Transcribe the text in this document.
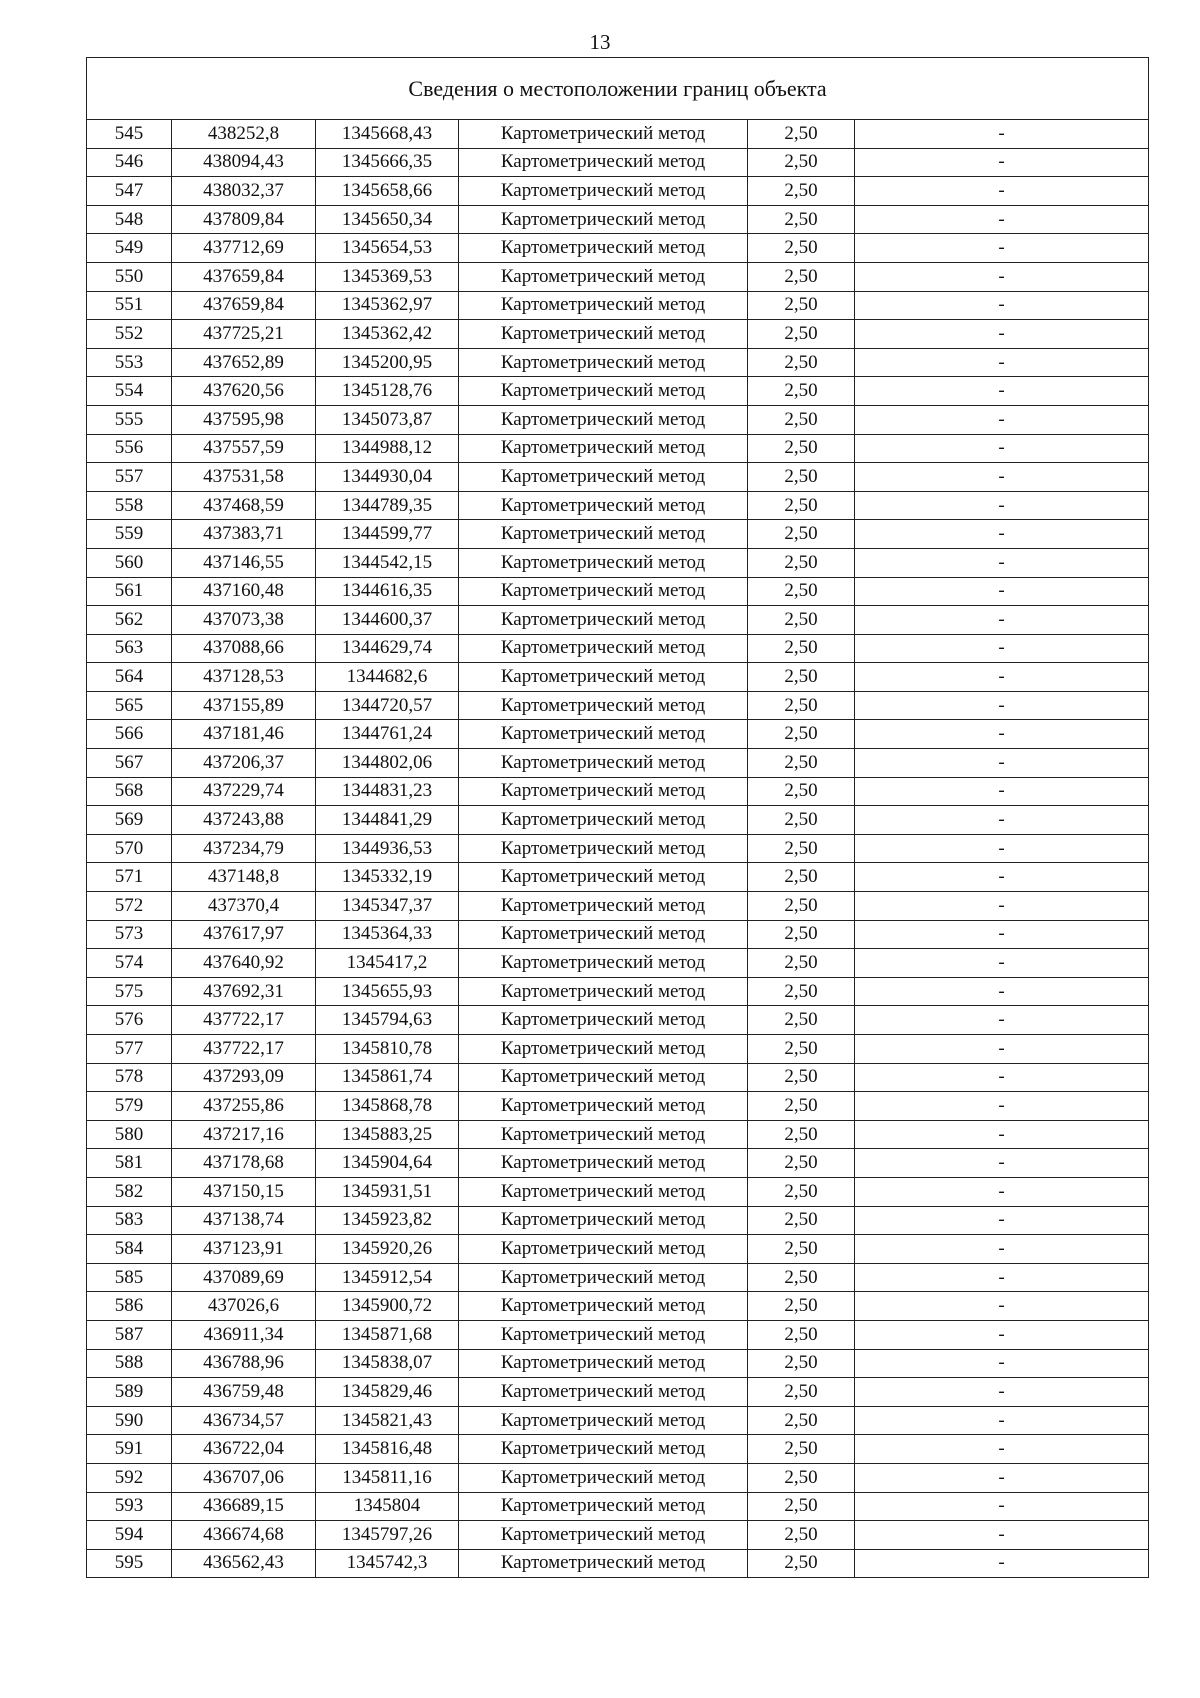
13
Сведения о местоположении границ объекта					
545	438252,8	1345668,43	Картометрический метод	2,50	-
546	438094,43	1345666,35	Картометрический метод	2,50	-
547	438032,37	1345658,66	Картометрический метод	2,50	-
548	437809,84	1345650,34	Картометрический метод	2,50	-
549	437712,69	1345654,53	Картометрический метод	2,50	-
550	437659,84	1345369,53	Картометрический метод	2,50	-
551	437659,84	1345362,97	Картометрический метод	2,50	-
552	437725,21	1345362,42	Картометрический метод	2,50	-
553	437652,89	1345200,95	Картометрический метод	2,50	-
554	437620,56	1345128,76	Картометрический метод	2,50	-
555	437595,98	1345073,87	Картометрический метод	2,50	-
556	437557,59	1344988,12	Картометрический метод	2,50	-
557	437531,58	1344930,04	Картометрический метод	2,50	-
558	437468,59	1344789,35	Картометрический метод	2,50	-
559	437383,71	1344599,77	Картометрический метод	2,50	-
560	437146,55	1344542,15	Картометрический метод	2,50	-
561	437160,48	1344616,35	Картометрический метод	2,50	-
562	437073,38	1344600,37	Картометрический метод	2,50	-
563	437088,66	1344629,74	Картометрический метод	2,50	-
564	437128,53	1344682,6	Картометрический метод	2,50	-
565	437155,89	1344720,57	Картометрический метод	2,50	-
566	437181,46	1344761,24	Картометрический метод	2,50	-
567	437206,37	1344802,06	Картометрический метод	2,50	-
568	437229,74	1344831,23	Картометрический метод	2,50	-
569	437243,88	1344841,29	Картометрический метод	2,50	-
570	437234,79	1344936,53	Картометрический метод	2,50	-
571	437148,8	1345332,19	Картометрический метод	2,50	-
572	437370,4	1345347,37	Картометрический метод	2,50	-
573	437617,97	1345364,33	Картометрический метод	2,50	-
574	437640,92	1345417,2	Картометрический метод	2,50	-
575	437692,31	1345655,93	Картометрический метод	2,50	-
576	437722,17	1345794,63	Картометрический метод	2,50	-
577	437722,17	1345810,78	Картометрический метод	2,50	-
578	437293,09	1345861,74	Картометрический метод	2,50	-
579	437255,86	1345868,78	Картометрический метод	2,50	-
580	437217,16	1345883,25	Картометрический метод	2,50	-
581	437178,68	1345904,64	Картометрический метод	2,50	-
582	437150,15	1345931,51	Картометрический метод	2,50	-
583	437138,74	1345923,82	Картометрический метод	2,50	-
584	437123,91	1345920,26	Картометрический метод	2,50	-
585	437089,69	1345912,54	Картометрический метод	2,50	-
586	437026,6	1345900,72	Картометрический метод	2,50	-
587	436911,34	1345871,68	Картометрический метод	2,50	-
588	436788,96	1345838,07	Картометрический метод	2,50	-
589	436759,48	1345829,46	Картометрический метод	2,50	-
590	436734,57	1345821,43	Картометрический метод	2,50	-
591	436722,04	1345816,48	Картометрический метод	2,50	-
592	436707,06	1345811,16	Картометрический метод	2,50	-
593	436689,15	1345804	Картометрический метод	2,50	-
594	436674,68	1345797,26	Картометрический метод	2,50	-
595	436562,43	1345742,3	Картометрический метод	2,50	-
